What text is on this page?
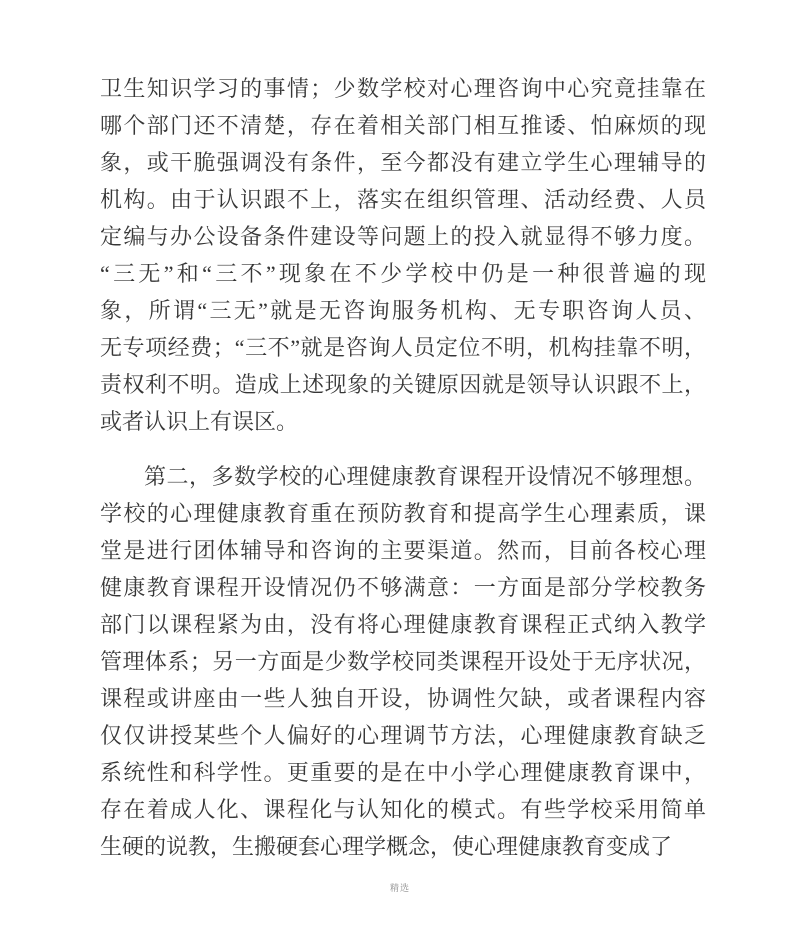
卫生知识学习的事情；少数学校对心理咨询中心究竟挂靠在
哪个部门还不清楚，存在着相关部门相互推诿、怕麻烦的现
象，或干脆强调没有条件，至今都没有建立学生心理辅导的
机构。由于认识跟不上，落实在组织管理、活动经费、人员
定编与办公设备条件建设等问题上的投入就显得不够力度。
“三无”和“三不”现象在不少学校中仍是一种很普遍的现
象，所谓“三无”就是无咨询服务机构、无专职咨询人员、
无专项经费；“三不”就是咨询人员定位不明，机构挂靠不明，
责权利不明。造成上述现象的关键原因就是领导认识跟不上，
或者认识上有误区。
第二，多数学校的心理健康教育课程开设情况不够理想。
学校的心理健康教育重在预防教育和提高学生心理素质，课
堂是进行团体辅导和咨询的主要渠道。然而，目前各校心理
健康教育课程开设情况仍不够满意：一方面是部分学校教务
部门以课程紧为由，没有将心理健康教育课程正式纳入教学
管理体系；另一方面是少数学校同类课程开设处于无序状况，
课程或讲座由一些人独自开设，协调性欠缺，或者课程内容
仅仅讲授某些个人偏好的心理调节方法，心理健康教育缺乏
系统性和科学性。更重要的是在中小学心理健康教育课中，
存在着成人化、课程化与认知化的模式。有些学校采用简单
生硬的说教，生搬硬套心理学概念，使心理健康教育变成了
精选
